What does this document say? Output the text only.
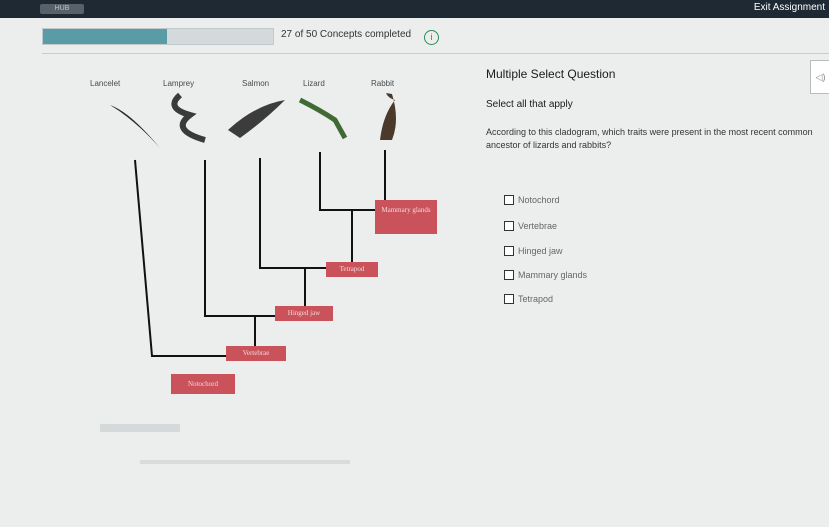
HUB	Exit Assignment
27 of 50 Concepts completed	i
Lancelet	Lamprey	Salmon	Lizard	Rabbit
Mammary glands
Tetrapod
Hinged jaw
Vertebrae
Notochord
Multiple Select Question	◁)
Select all that apply
According to this cladogram, which traits were present in the most recent common ancestor of lizards and rabbits?
Notochord
Vertebrae
Hinged jaw
Mammary glands
Tetrapod
